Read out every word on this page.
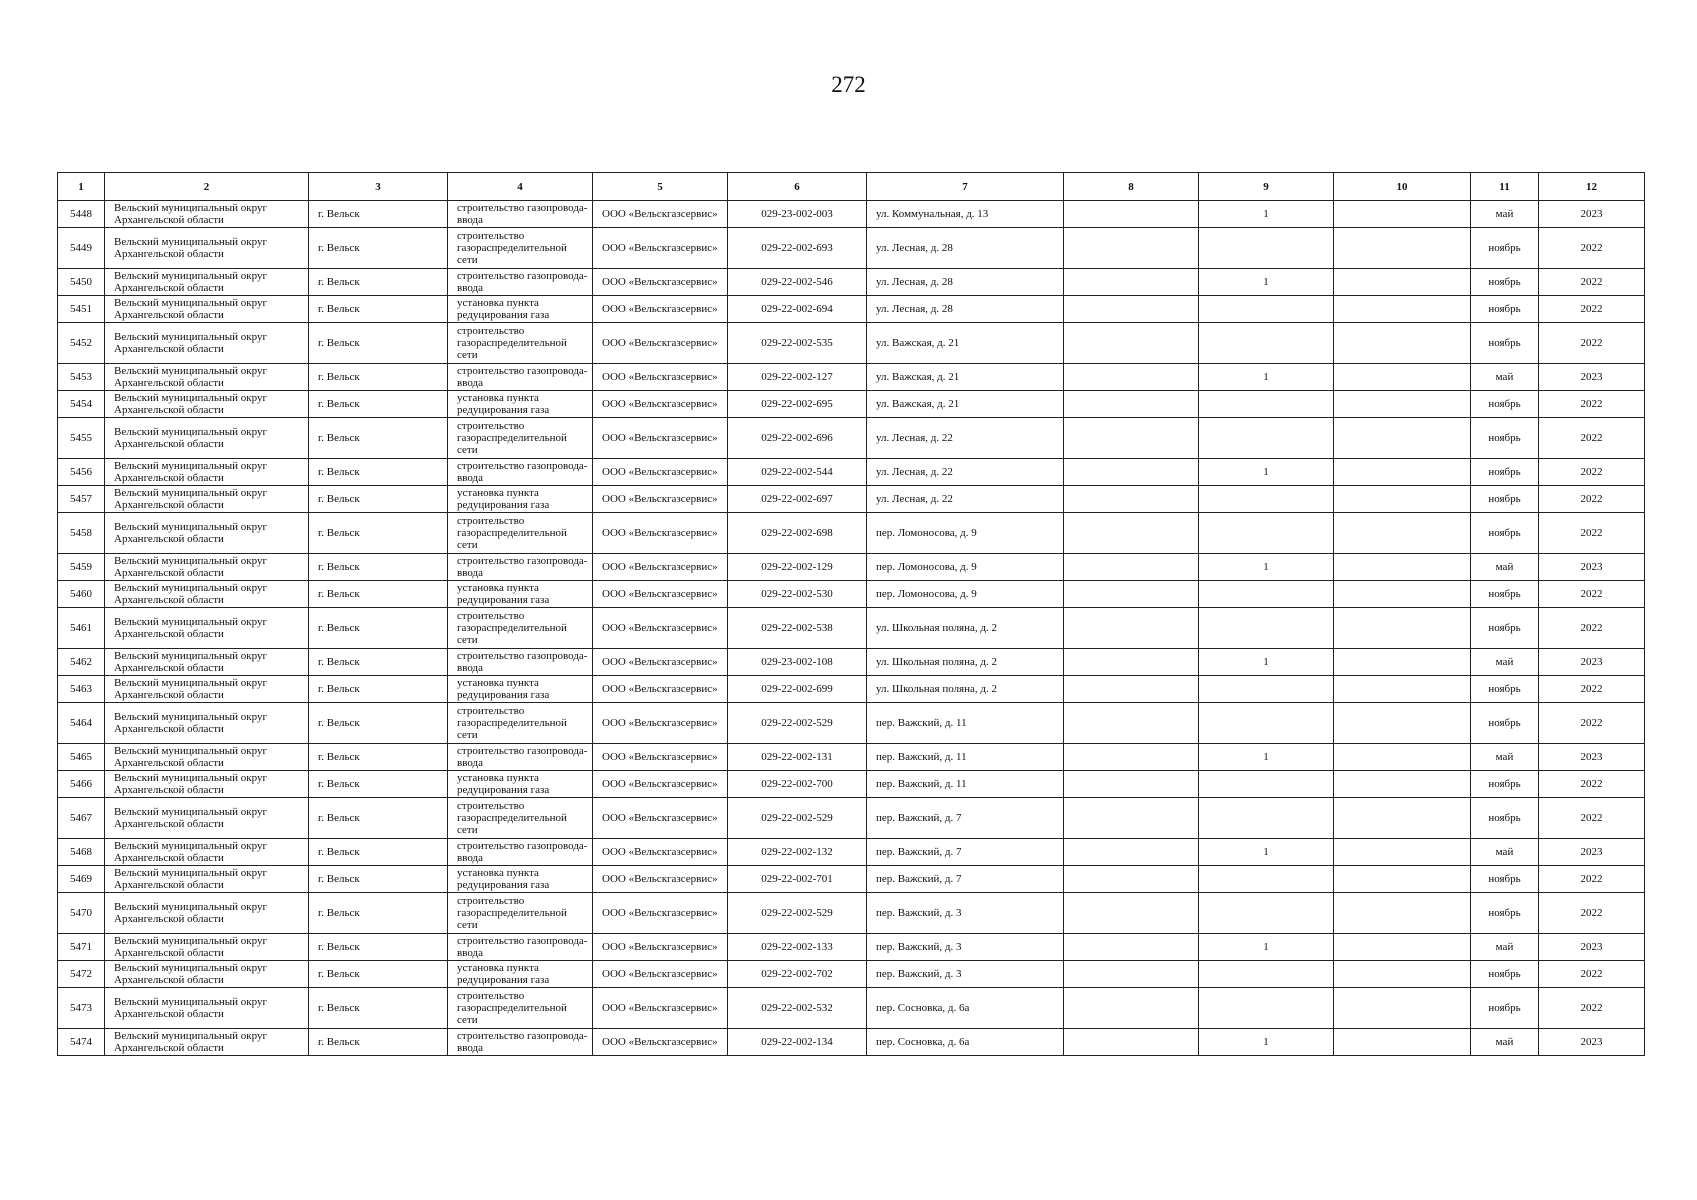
272
1	2	3	4	5	6	7	8	9	10	11	12
5448	Вельский муниципальный округ Архангельской области	г. Вельск	строительство газопровода-ввода	ООО «Вельскгазсервис»	029-23-002-003	ул. Коммунальная, д. 13		1		май	2023
5449	Вельский муниципальный округ Архангельской области	г. Вельск	строительство газораспределительной сети	ООО «Вельскгазсервис»	029-22-002-693	ул. Лесная, д. 28				ноябрь	2022
5450	Вельский муниципальный округ Архангельской области	г. Вельск	строительство газопровода-ввода	ООО «Вельскгазсервис»	029-22-002-546	ул. Лесная, д. 28		1		ноябрь	2022
5451	Вельский муниципальный округ Архангельской области	г. Вельск	установка пункта редуцирования газа	ООО «Вельскгазсервис»	029-22-002-694	ул. Лесная, д. 28				ноябрь	2022
5452	Вельский муниципальный округ Архангельской области	г. Вельск	строительство газораспределительной сети	ООО «Вельскгазсервис»	029-22-002-535	ул. Важская, д. 21				ноябрь	2022
5453	Вельский муниципальный округ Архангельской области	г. Вельск	строительство газопровода-ввода	ООО «Вельскгазсервис»	029-22-002-127	ул. Важская, д. 21		1		май	2023
5454	Вельский муниципальный округ Архангельской области	г. Вельск	установка пункта редуцирования газа	ООО «Вельскгазсервис»	029-22-002-695	ул. Важская, д. 21				ноябрь	2022
5455	Вельский муниципальный округ Архангельской области	г. Вельск	строительство газораспределительной сети	ООО «Вельскгазсервис»	029-22-002-696	ул. Лесная, д. 22				ноябрь	2022
5456	Вельский муниципальный округ Архангельской области	г. Вельск	строительство газопровода-ввода	ООО «Вельскгазсервис»	029-22-002-544	ул. Лесная, д. 22		1		ноябрь	2022
5457	Вельский муниципальный округ Архангельской области	г. Вельск	установка пункта редуцирования газа	ООО «Вельскгазсервис»	029-22-002-697	ул. Лесная, д. 22				ноябрь	2022
5458	Вельский муниципальный округ Архангельской области	г. Вельск	строительство газораспределительной сети	ООО «Вельскгазсервис»	029-22-002-698	пер. Ломоносова, д. 9				ноябрь	2022
5459	Вельский муниципальный округ Архангельской области	г. Вельск	строительство газопровода-ввода	ООО «Вельскгазсервис»	029-22-002-129	пер. Ломоносова, д. 9		1		май	2023
5460	Вельский муниципальный округ Архангельской области	г. Вельск	установка пункта редуцирования газа	ООО «Вельскгазсервис»	029-22-002-530	пер. Ломоносова, д. 9				ноябрь	2022
5461	Вельский муниципальный округ Архангельской области	г. Вельск	строительство газораспределительной сети	ООО «Вельскгазсервис»	029-22-002-538	ул. Школьная поляна, д. 2				ноябрь	2022
5462	Вельский муниципальный округ Архангельской области	г. Вельск	строительство газопровода-ввода	ООО «Вельскгазсервис»	029-23-002-108	ул. Школьная поляна, д. 2		1		май	2023
5463	Вельский муниципальный округ Архангельской области	г. Вельск	установка пункта редуцирования газа	ООО «Вельскгазсервис»	029-22-002-699	ул. Школьная поляна, д. 2				ноябрь	2022
5464	Вельский муниципальный округ Архангельской области	г. Вельск	строительство газораспределительной сети	ООО «Вельскгазсервис»	029-22-002-529	пер. Важский, д. 11				ноябрь	2022
5465	Вельский муниципальный округ Архангельской области	г. Вельск	строительство газопровода-ввода	ООО «Вельскгазсервис»	029-22-002-131	пер. Важский, д. 11		1		май	2023
5466	Вельский муниципальный округ Архангельской области	г. Вельск	установка пункта редуцирования газа	ООО «Вельскгазсервис»	029-22-002-700	пер. Важский, д. 11				ноябрь	2022
5467	Вельский муниципальный округ Архангельской области	г. Вельск	строительство газораспределительной сети	ООО «Вельскгазсервис»	029-22-002-529	пер. Важский, д. 7				ноябрь	2022
5468	Вельский муниципальный округ Архангельской области	г. Вельск	строительство газопровода-ввода	ООО «Вельскгазсервис»	029-22-002-132	пер. Важский, д. 7		1		май	2023
5469	Вельский муниципальный округ Архангельской области	г. Вельск	установка пункта редуцирования газа	ООО «Вельскгазсервис»	029-22-002-701	пер. Важский, д. 7				ноябрь	2022
5470	Вельский муниципальный округ Архангельской области	г. Вельск	строительство газораспределительной сети	ООО «Вельскгазсервис»	029-22-002-529	пер. Важский, д. 3				ноябрь	2022
5471	Вельский муниципальный округ Архангельской области	г. Вельск	строительство газопровода-ввода	ООО «Вельскгазсервис»	029-22-002-133	пер. Важский, д. 3		1		май	2023
5472	Вельский муниципальный округ Архангельской области	г. Вельск	установка пункта редуцирования газа	ООО «Вельскгазсервис»	029-22-002-702	пер. Важский, д. 3				ноябрь	2022
5473	Вельский муниципальный округ Архангельской области	г. Вельск	строительство газораспределительной сети	ООО «Вельскгазсервис»	029-22-002-532	пер. Сосновка, д. 6а				ноябрь	2022
5474	Вельский муниципальный округ Архангельской области	г. Вельск	строительство газопровода-ввода	ООО «Вельскгазсервис»	029-22-002-134	пер. Сосновка, д. 6а		1		май	2023
